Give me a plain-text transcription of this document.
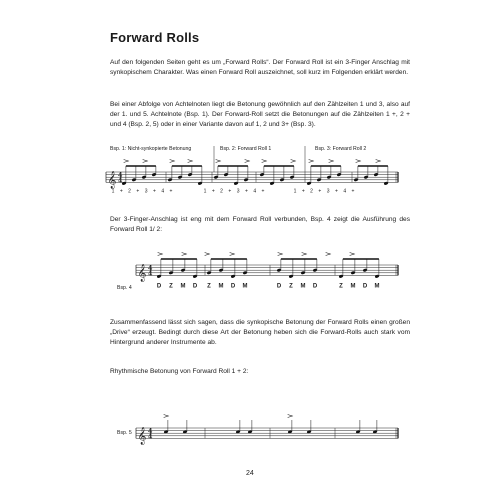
Forward Rolls

Auf den folgenden Seiten geht es um „Forward Rolls“. Der Forward Roll ist ein 3-Finger Anschlag mit synkopischem Charakter. Was einen Forward Roll auszeichnet, soll kurz im Folgenden erklärt werden.

Bei einer Abfolge von Achtelnoten liegt die Betonung gewöhnlich auf den Zählzeiten 1 und 3, also auf der 1. und 5. Achtelnote (Bsp. 1). Der Forward-Roll setzt die Betonungen auf die Zählzeiten 1 +, 2 + und 4 (Bsp. 2, 5) oder in einer Variante davon auf 1, 2 und 3+ (Bsp. 3).

Bsp. 1: Nicht-synkopierte Betonung	Bsp. 2: Forward Roll 1	Bsp. 3: Forward Roll 2

Der 3-Finger-Anschlag ist eng mit dem Forward Roll verbunden, Bsp. 4 zeigt die Ausführung des Forward Roll 1/ 2:

Bsp. 4

Zusammenfassend lässt sich sagen, dass die synkopische Betonung der Forward Rolls einen großen „Drive“ erzeugt. Bedingt durch diese Art der Betonung heben sich die Forward-Rolls auch stark vom Hintergrund anderer Instrumente ab.

Rhythmische Betonung von Forward Roll 1 + 2:
Bsp. 5
24
𝄞 4
4
1 + 2 + 3 + 4 +	1 + 2 + 3 + 4 +	1 + 2 + 3 + 4 +
𝄞 4
4
D Z M D Z M D M	D Z M D	Z M D M
𝄞 4
4
